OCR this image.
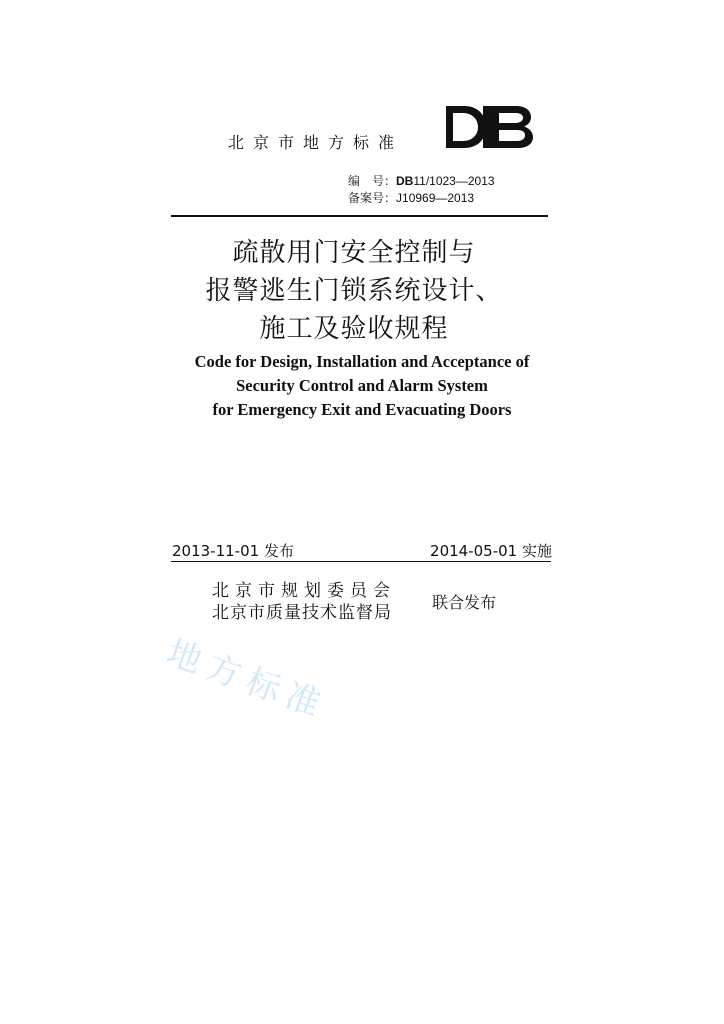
北京市地方标准
编　号：DB11/1023—2013
备案号：J10969—2013
疏散用门安全控制与
报警逃生门锁系统设计、
施工及验收规程
Code for Design, Installation and Acceptance of
Security Control and Alarm System
for Emergency Exit and Evacuating Doors
2013-11-01 发布	2014-05-01 实施
北京市规划委员会
北京市质量技术监督局
联合发布
地方标准
